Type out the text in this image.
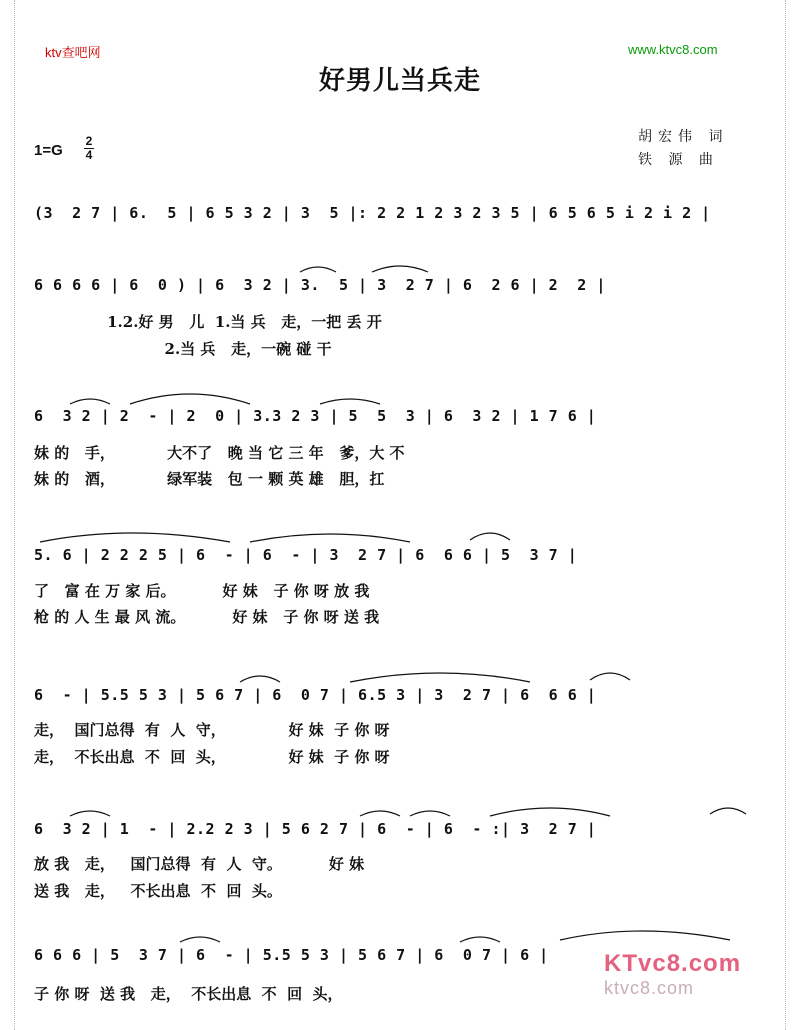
ktv查吧网	www.ktvc8.com
好男儿当兵走
1=G
2
4
胡宏伟 词
铁 源 曲
(3  2 7 | 6.  5 | 6 5 3 2 | 3  5 |: 2 2 1 2 3 2 3 5 | 6 5 6 5 i 2 i 2 |
6 6 6 6 | 6  0 ) | 6  3 2 | 3.  5 | 3  2 7 | 6  2 6 | 2  2 |
1.2.好 男   儿  1.当 兵   走，一把 丢 开
2.当 兵   走，一碗 碰 干
6  3 2 | 2  - | 2  0 | 3.3 2 3 | 5  5  3 | 6  3 2 | 1 7 6 |
妹 的   手，          大不了   晚 当 它 三 年   爹，大 不
妹 的   酒，          绿军装   包 一 颗 英 雄   胆，扛
5. 6 | 2 2 2 5 | 6  - | 6  - | 3  2 7 | 6  6 6 | 5  3 7 |
了   富 在 万 家 后。         好 妹   子 你 呀 放 我
枪 的 人 生 最 风 流。         好 妹   子 你 呀 送 我
6  - | 5.5 5 3 | 5 6 7 | 6  0 7 | 6.5 3 | 3  2 7 | 6  6 6 |
走，  国门总得  有  人  守，            好 妹  子 你 呀
走，  不长出息  不  回  头，            好 妹  子 你 呀
6  3 2 | 1  - | 2.2 2 3 | 5 6 2 7 | 6  - | 6  - :| 3  2 7 |
放 我   走，   国门总得  有  人  守。         好 妹
送 我   走，   不长出息  不  回  头。
6 6 6 | 5  3 7 | 6  - | 5.5 5 3 | 5 6 7 | 6  0 7 | 6 |
子 你 呀  送 我   走，  不长出息  不  回  头，
KTvc8.com
ktvc8.com
